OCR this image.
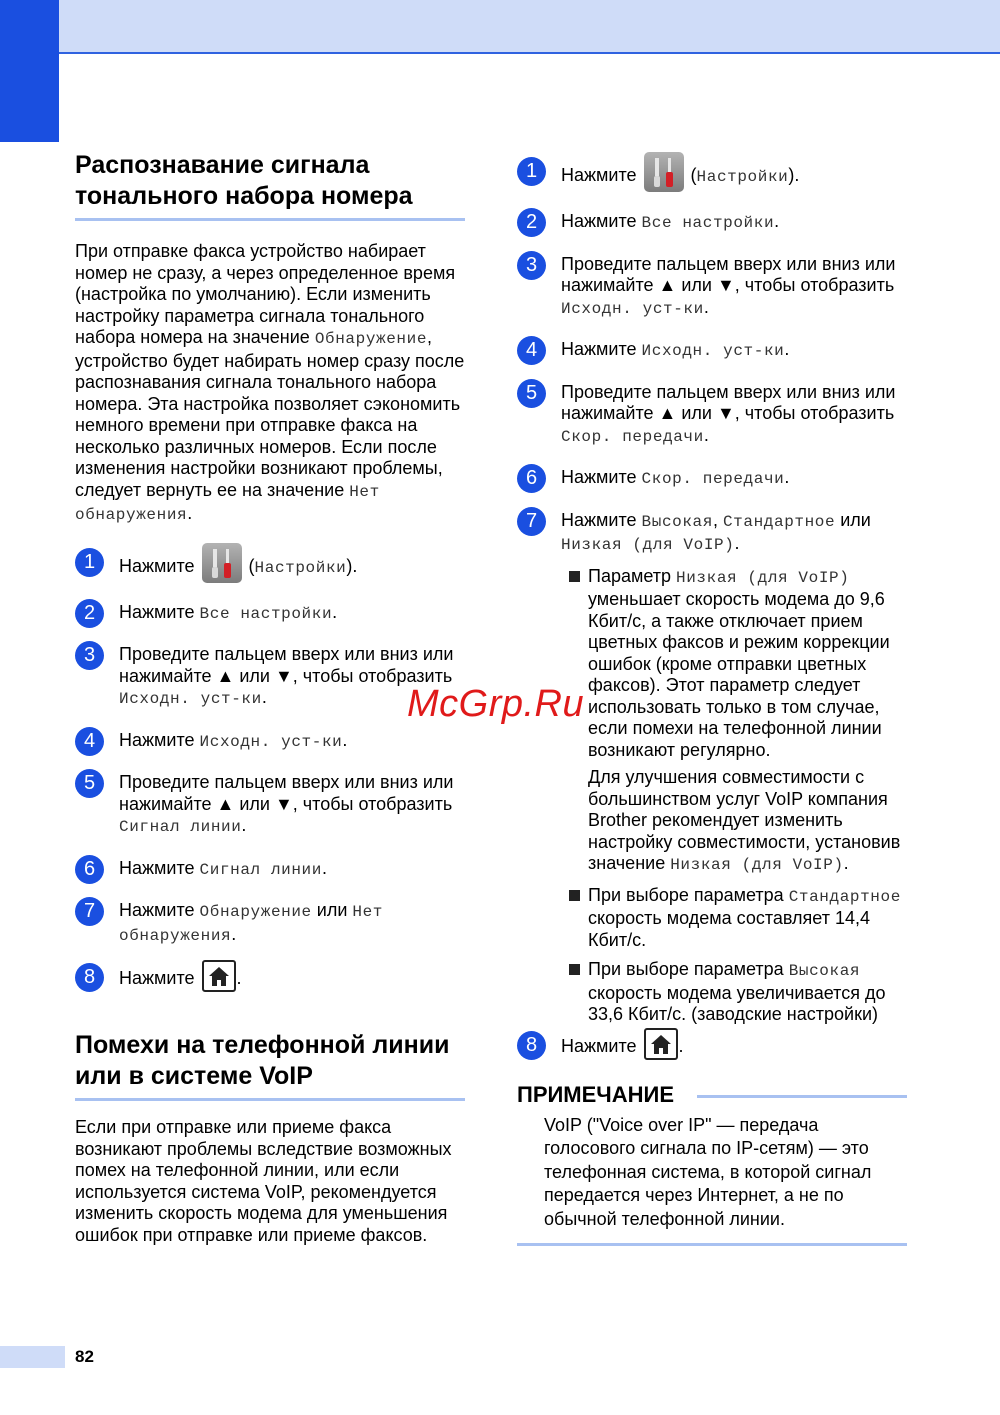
Распознавание сигнала тонального набора номера

При отправке факса устройство набирает номер не сразу, а через определенное время (настройка по умолчанию). Если изменить настройку параметра сигнала тонального набора номера на значение Обнаружение, устройство будет набирать номер сразу после распознавания сигнала тонального набора номера. Эта настройка позволяет сэкономить немного времени при отправке факса на несколько различных номеров. Если после изменения настройки возникают проблемы, следует вернуть ее на значение Нет обнаружения.

1	Нажмите
(Настройки).
2	Нажмите Все настройки.
3	Проведите пальцем вверх или вниз или нажимайте ▲ или ▼, чтобы отобразить Исходн. уст-ки.
4	Нажмите Исходн. уст-ки.
5	Проведите пальцем вверх или вниз или нажимайте ▲ или ▼, чтобы отобразить Сигнал линии.
6	Нажмите Сигнал линии.
7	Нажмите Обнаружение или Нет обнаружения.
8	Нажмите
.
Помехи на телефонной линии или в системе VoIP

Если при отправке или приеме факса возникают проблемы вследствие возможных помех на телефонной линии, или если используется система VoIP, рекомендуется изменить скорость модема для уменьшения ошибок при отправке или приеме факсов.

1	Нажмите
(Настройки).
2	Нажмите Все настройки.
3	Проведите пальцем вверх или вниз или нажимайте ▲ или ▼, чтобы отобразить Исходн. уст-ки.
4	Нажмите Исходн. уст-ки.
5	Проведите пальцем вверх или вниз или нажимайте ▲ или ▼, чтобы отобразить Скор. передачи.
6	Нажмите Скор. передачи.
7	Нажмите Высокая, Стандартное или Низкая (для VoIP).
Параметр Низкая (для VoIP) уменьшает скорость модема до 9,6 Кбит/с, а также отключает прием цветных факсов и режим коррекции ошибок (кроме отправки цветных факсов). Этот параметр следует использовать только в том случае, если помехи на телефонной линии возникают регулярно.
Для улучшения совместимости с большинством услуг VoIP компания Brother рекомендует изменить настройку совместимости, установив значение Низкая (для VoIP).
При выборе параметра Стандартное скорость модема составляет 14,4 Кбит/с.
При выборе параметра Высокая скорость модема увеличивается до 33,6 Кбит/с. (заводские настройки)
8	Нажмите
.
ПРИМЕЧАНИЕ
VoIP ("Voice over IP" — передача голосового сигнала по IP-сетям) — это телефонная система, в которой сигнал передается через Интернет, а не по обычной телефонной линии.
McGrp.Ru
82
